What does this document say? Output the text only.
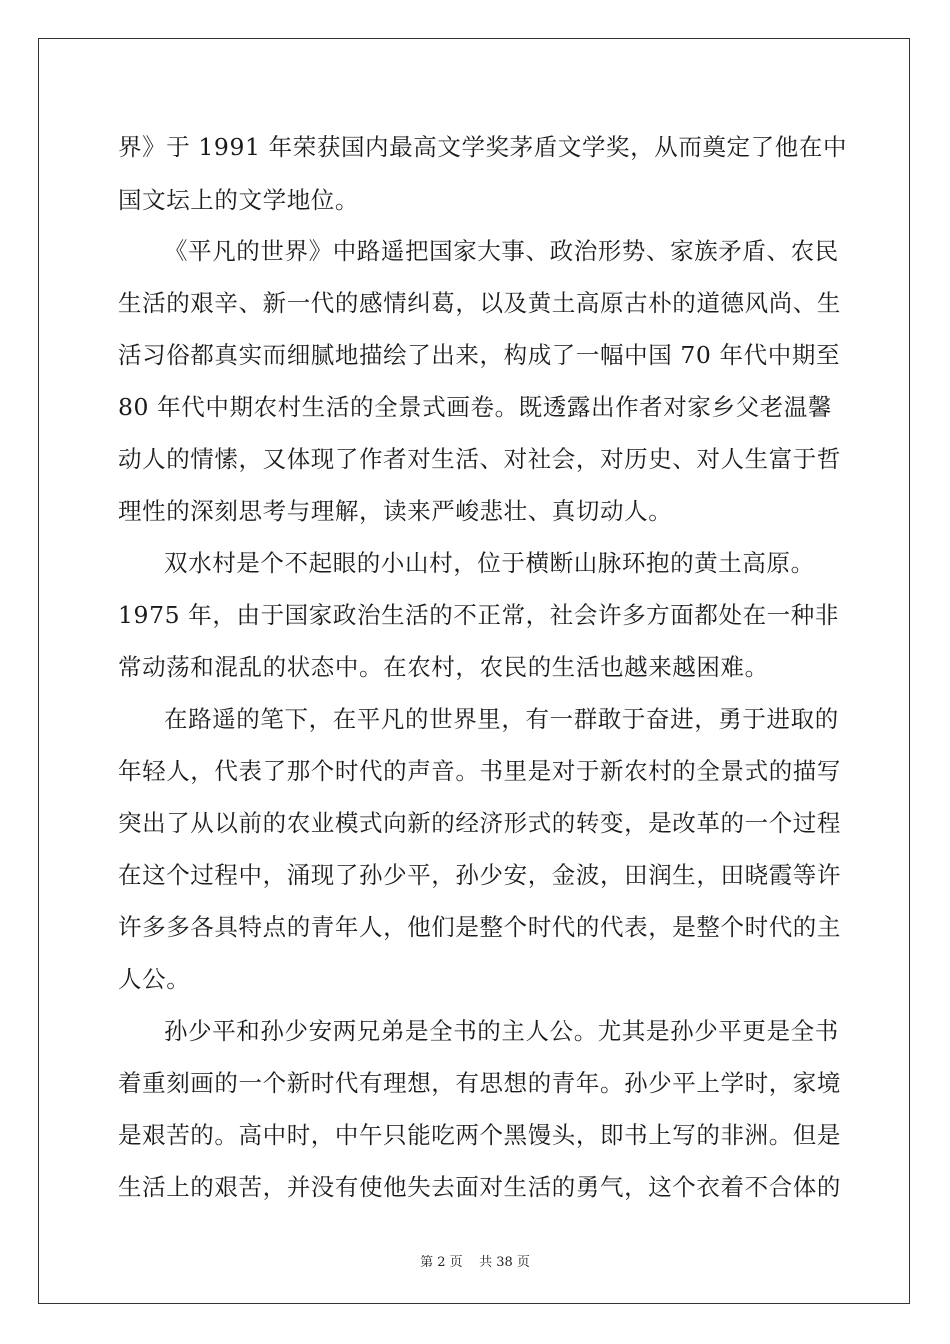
界》于 1991 年荣获国内最高文学奖茅盾文学奖，从而奠定了他在中
国文坛上的文学地位。
《平凡的世界》中路遥把国家大事、政治形势、家族矛盾、农民
生活的艰辛、新一代的感情纠葛，以及黄土高原古朴的道德风尚、生
活习俗都真实而细腻地描绘了出来，构成了一幅中国 70 年代中期至
80 年代中期农村生活的全景式画卷。既透露出作者对家乡父老温馨
动人的情愫，又体现了作者对生活、对社会，对历史、对人生富于哲
理性的深刻思考与理解，读来严峻悲壮、真切动人。
双水村是个不起眼的小山村，位于横断山脉环抱的黄土高原。
1975 年，由于国家政治生活的不正常，社会许多方面都处在一种非
常动荡和混乱的状态中。在农村，农民的生活也越来越困难。
在路遥的笔下，在平凡的世界里，有一群敢于奋进，勇于进取的
年轻人，代表了那个时代的声音。书里是对于新农村的全景式的描写
突出了从以前的农业模式向新的经济形式的转变，是改革的一个过程
在这个过程中，涌现了孙少平，孙少安，金波，田润生，田晓霞等许
许多多各具特点的青年人，他们是整个时代的代表，是整个时代的主
人公。
孙少平和孙少安两兄弟是全书的主人公。尤其是孙少平更是全书
着重刻画的一个新时代有理想，有思想的青年。孙少平上学时，家境
是艰苦的。高中时，中午只能吃两个黑馒头，即书上写的非洲。但是
生活上的艰苦，并没有使他失去面对生活的勇气，这个衣着不合体的
第 2 页    共 38 页
